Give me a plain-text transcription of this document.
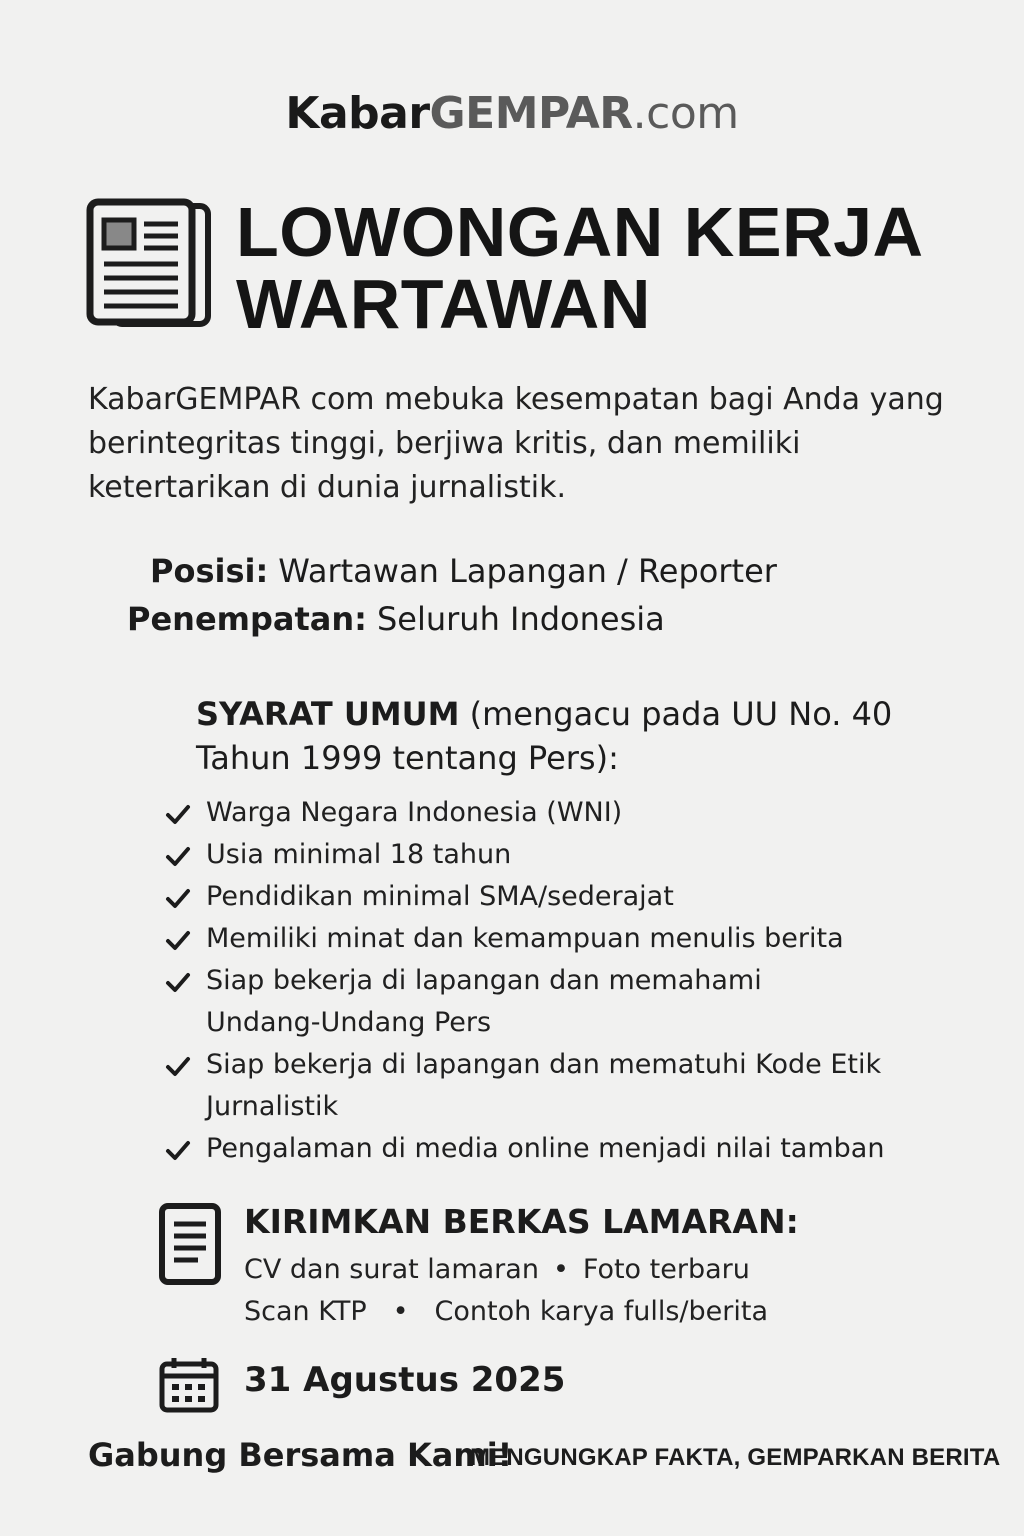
KabarGEMPAR.com
LOWONGAN KERJA
WARTAWAN
KabarGEMPAR com mebuka kesempatan bagi Anda yang berintegritas tinggi, berjiwa kritis, dan memiliki ketertarikan di dunia jurnalistik.
Posisi: Wartawan Lapangan / Reporter
Penempatan: Seluruh Indonesia
SYARAT UMUM (mengacu pada UU No. 40 Tahun 1999 tentang Pers):
Warga Negara Indonesia (WNI)
Usia minimal 18 tahun
Pendidikan minimal SMA/sederajat
Memiliki minat dan kemampuan menulis berita
Siap bekerja di lapangan dan memahami Undang-Undang Pers
Siap bekerja di lapangan dan mematuhi Kode Etik Jurnalistik
Pengalaman di media online menjadi nilai tamban
KIRIMKAN BERKAS LAMARAN:
CV dan surat lamaran • Foto terbaru
Scan KTP • Contoh karya fulls/berita
31 Agustus 2025
Gabung Bersama Kami!
MENGUNGKAP FAKTA, GEMPARKAN BERITA
